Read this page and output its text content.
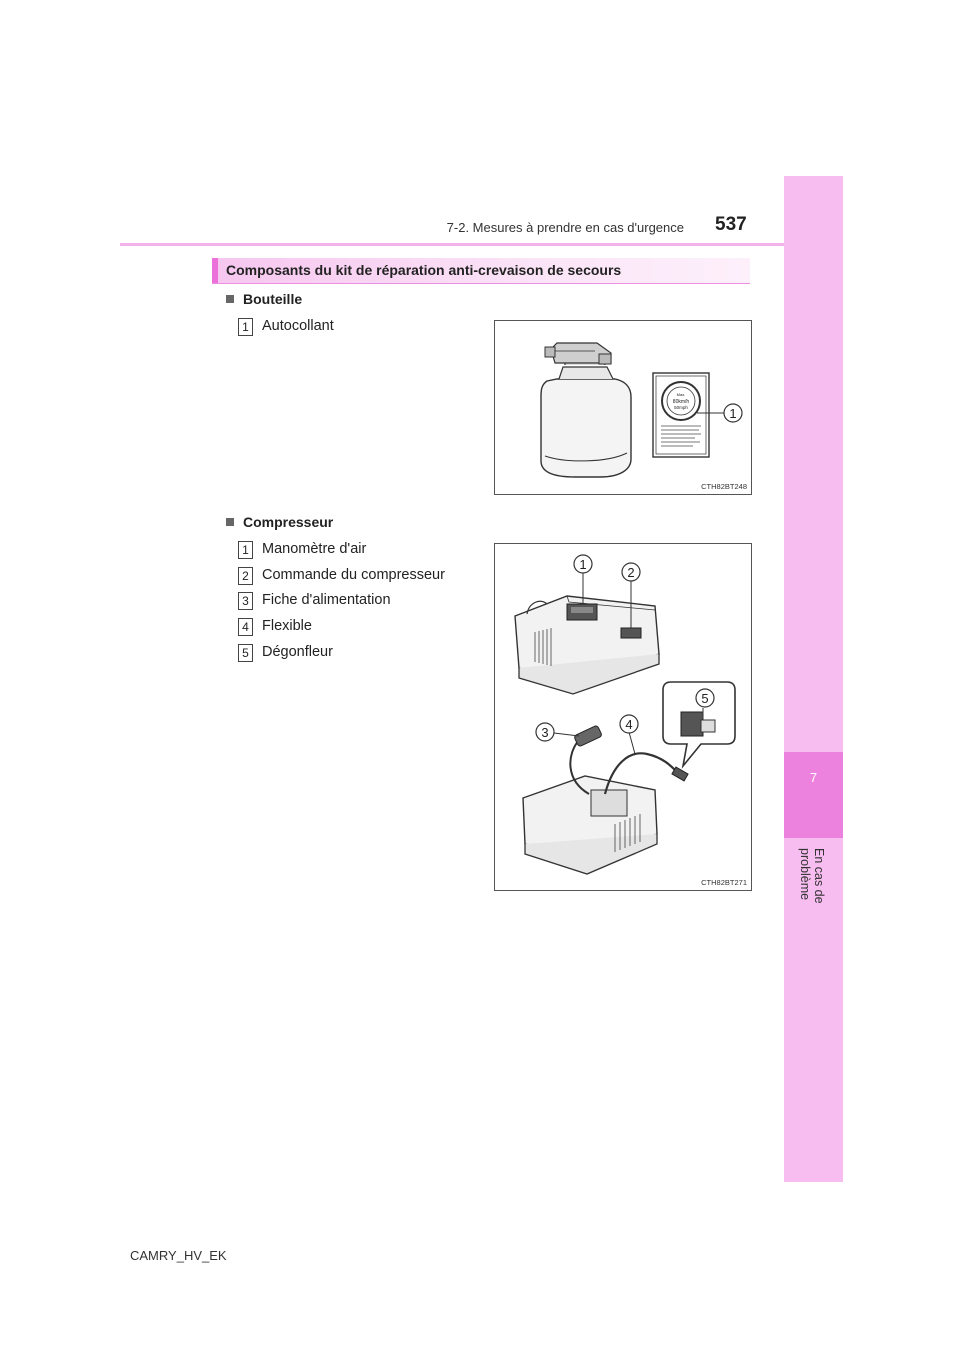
7
En cas de problème
7-2. Mesures à prendre en cas d'urgence 537
Composants du kit de réparation anti-crevaison de secours
Bouteille
1 Autocollant
Max.
80km/h
50mph	1
CTH82BT248
Compresseur
1 Manomètre d'air
2 Commande du compresseur
3 Fiche d'alimentation
4 Flexible
5 Dégonfleur
1
2
5
3
4
CTH82BT271
CAMRY_HV_EK
